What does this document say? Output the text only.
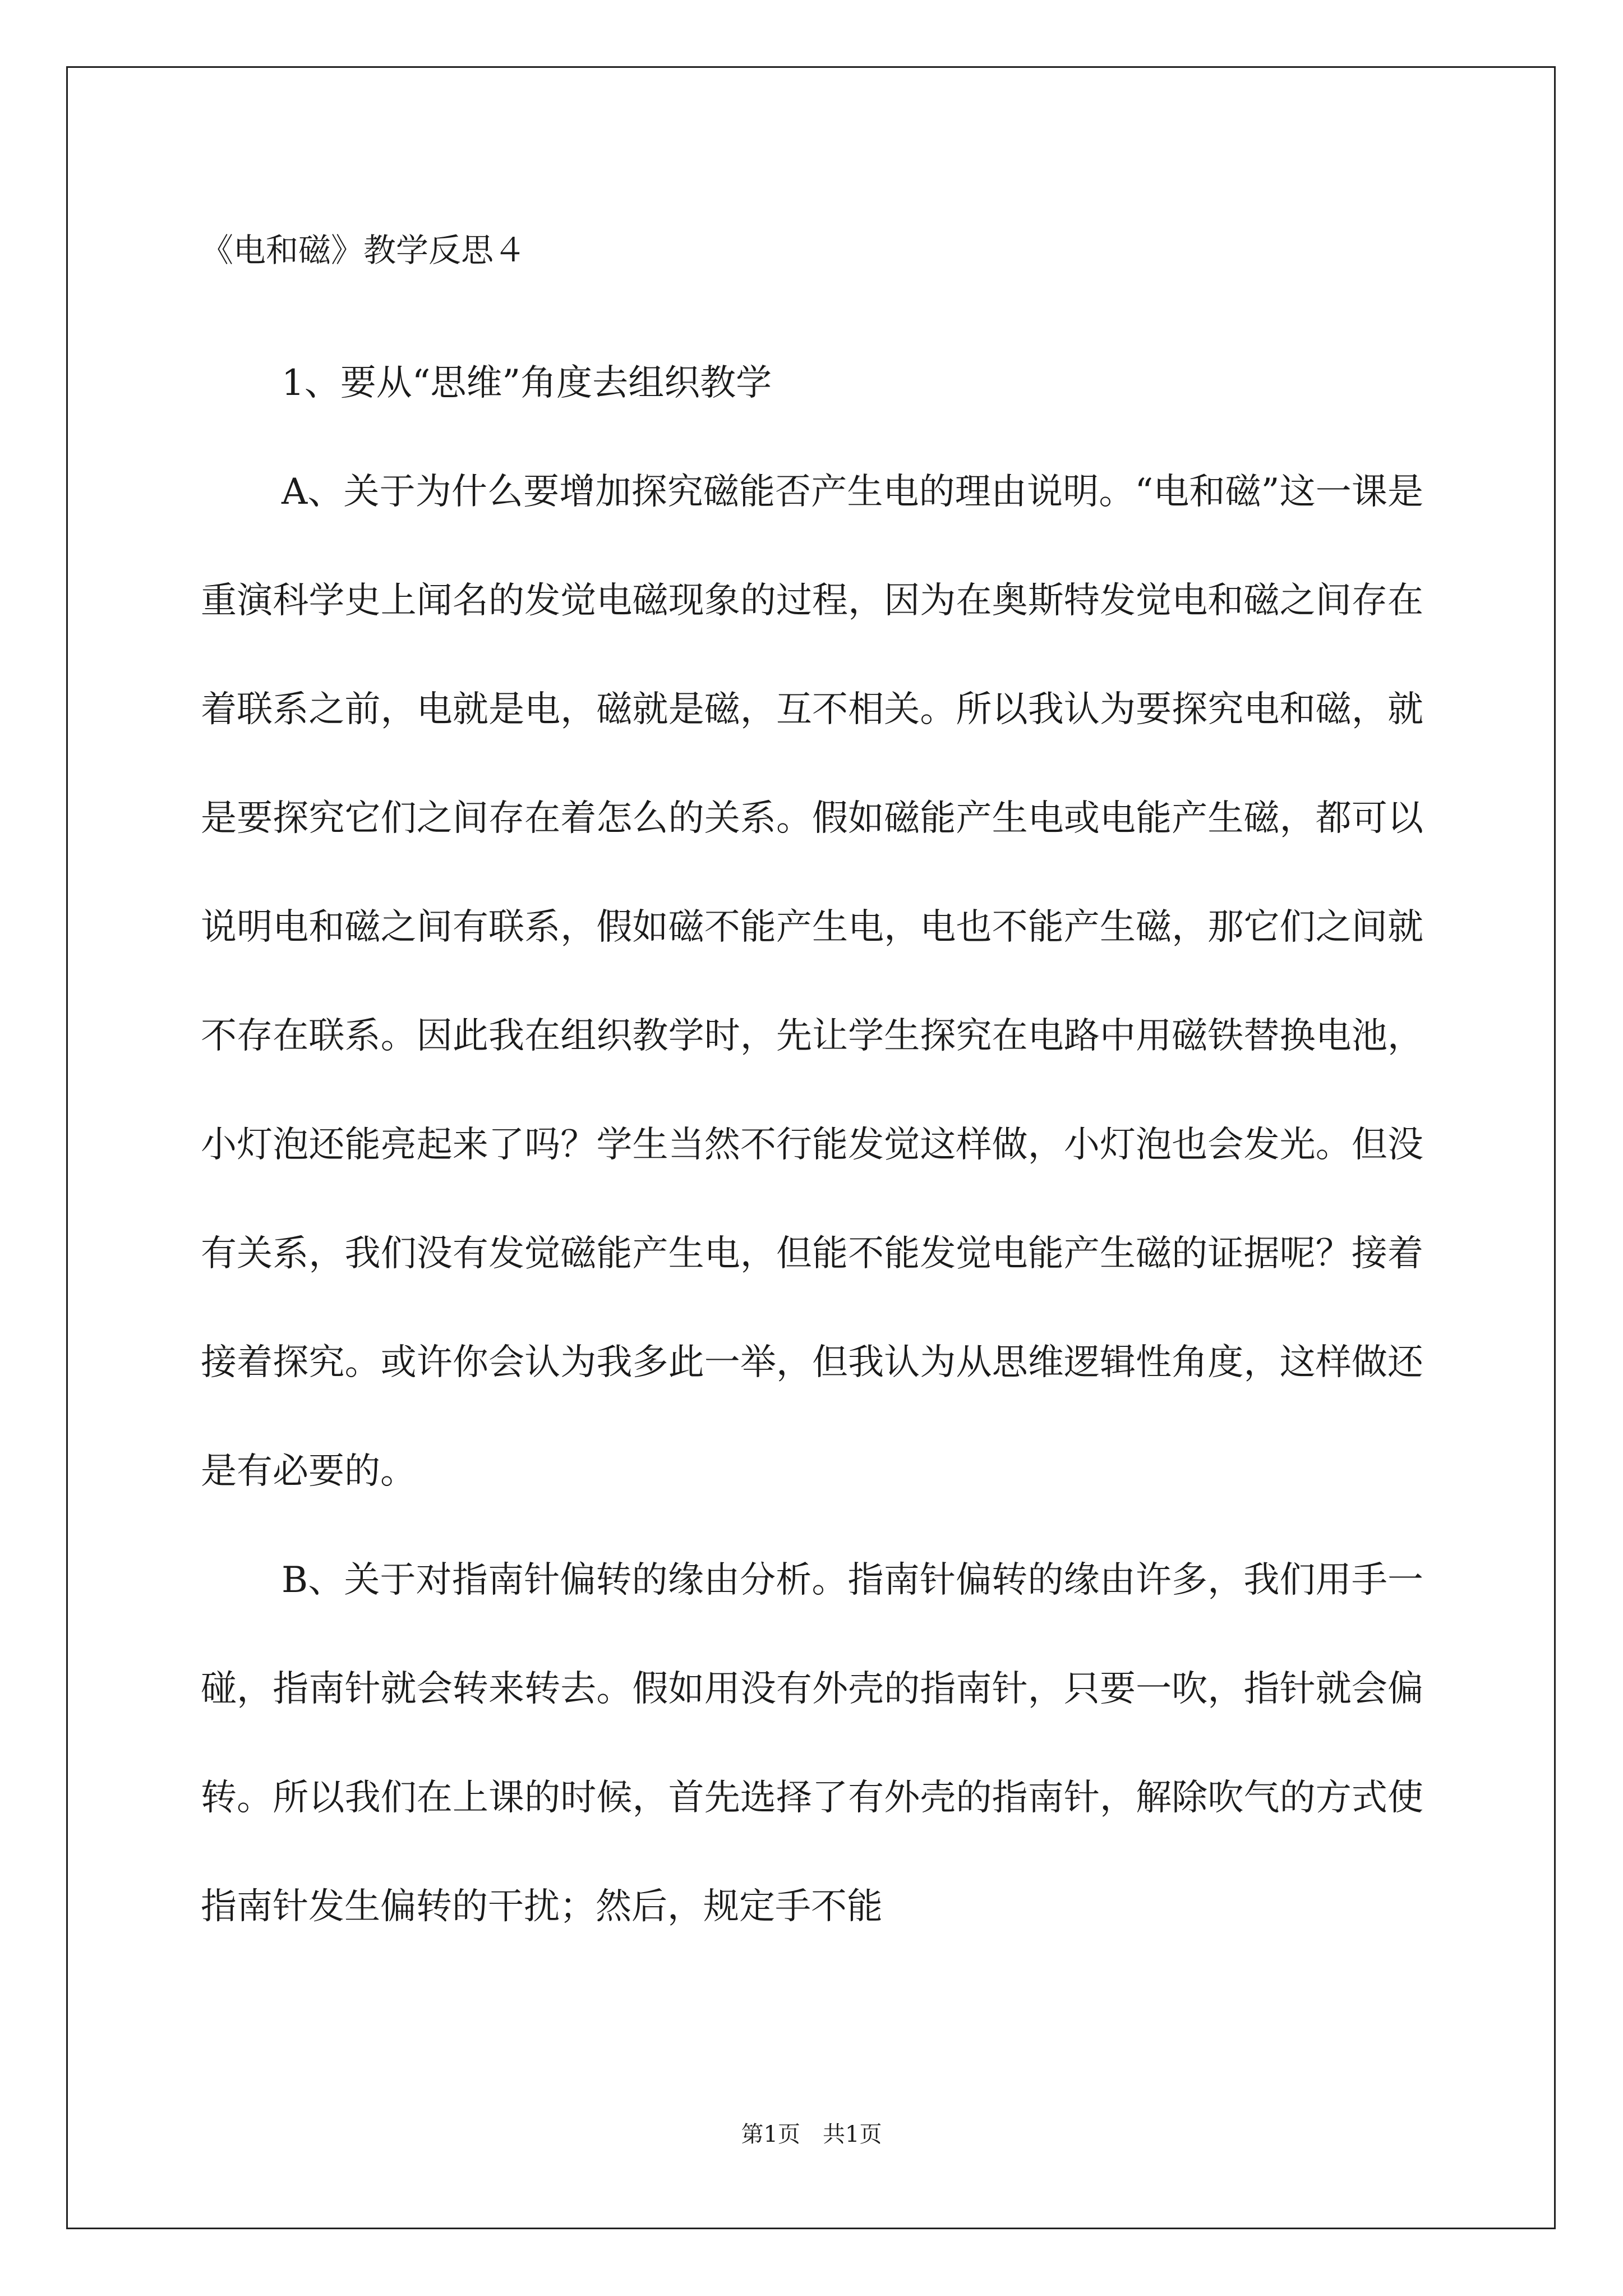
《电和磁》教学反思４

1、要从“思维”角度去组织教学

A、关于为什么要增加探究磁能否产生电的理由说明。“电和磁”这一课是重演科学史上闻名的发觉电磁现象的过程，因为在奥斯特发觉电和磁之间存在着联系之前，电就是电，磁就是磁，互不相关。所以我认为要探究电和磁，就是要探究它们之间存在着怎么的关系。假如磁能产生电或电能产生磁，都可以说明电和磁之间有联系，假如磁不能产生电，电也不能产生磁，那它们之间就不存在联系。因此我在组织教学时，先让学生探究在电路中用磁铁替换电池，小灯泡还能亮起来了吗？学生当然不行能发觉这样做，小灯泡也会发光。但没有关系，我们没有发觉磁能产生电，但能不能发觉电能产生磁的证据呢？接着接着探究。或许你会认为我多此一举，但我认为从思维逻辑性角度，这样做还是有必要的。

B、关于对指南针偏转的缘由分析。指南针偏转的缘由许多，我们用手一碰，指南针就会转来转去。假如用没有外壳的指南针，只要一吹，指针就会偏转。所以我们在上课的时候，首先选择了有外壳的指南针，解除吹气的方式使指南针发生偏转的干扰；然后，规定手不能

第1页　共1页
